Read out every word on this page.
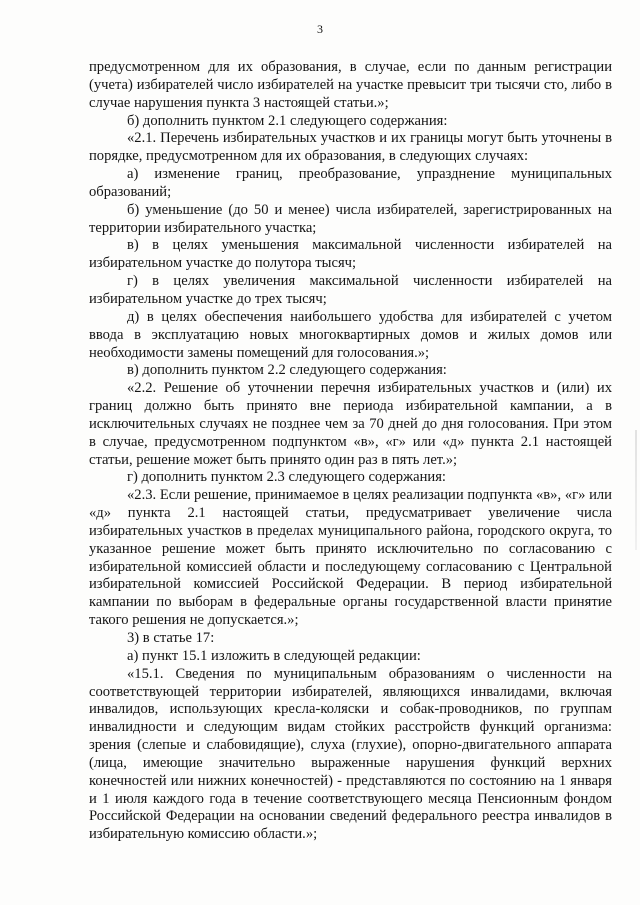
3

предусмотренном для их образования, в случае, если по данным регистрации (учета) избирателей число избирателей на участке превысит три тысячи сто, либо в случае нарушения пункта 3 настоящей статьи.»;

б) дополнить пунктом 2.1 следующего содержания:

«2.1. Перечень избирательных участков и их границы могут быть уточнены в порядке, предусмотренном для их образования, в следующих случаях:

а) изменение границ, преобразование, упразднение муниципальных образований;

б) уменьшение (до 50 и менее) числа избирателей, зарегистрированных на территории избирательного участка;

в) в целях уменьшения максимальной численности избирателей на избирательном участке до полутора тысяч;

г) в целях увеличения максимальной численности избирателей на избирательном участке до трех тысяч;

д) в целях обеспечения наибольшего удобства для избирателей с учетом ввода в эксплуатацию новых многоквартирных домов и жилых домов или необходимости замены помещений для голосования.»;

в) дополнить пунктом 2.2 следующего содержания:

«2.2. Решение об уточнении перечня избирательных участков и (или) их границ должно быть принято вне периода избирательной кампании, а в исключительных случаях не позднее чем за 70 дней до дня голосования. При этом в случае, предусмотренном подпунктом «в», «г» или «д» пункта 2.1 настоящей статьи, решение может быть принято один раз в пять лет.»;

г) дополнить пунктом 2.3 следующего содержания:

«2.3. Если решение, принимаемое в целях реализации подпункта «в», «г» или «д» пункта 2.1 настоящей статьи, предусматривает увеличение числа избирательных участков в пределах муниципального района, городского округа, то указанное решение может быть принято исключительно по согласованию с избирательной комиссией области и последующему согласованию с Центральной избирательной комиссией Российской Федерации. В период избирательной кампании по выборам в федеральные органы государственной власти принятие такого решения не допускается.»;

3) в статье 17:

а) пункт 15.1 изложить в следующей редакции:

«15.1. Сведения по муниципальным образованиям о численности на соответствующей территории избирателей, являющихся инвалидами, включая инвалидов, использующих кресла-коляски и собак-проводников, по группам инвалидности и следующим видам стойких расстройств функций организма: зрения (слепые и слабовидящие), слуха (глухие), опорно-двигательного аппарата (лица, имеющие значительно выраженные нарушения функций верхних конечностей или нижних конечностей) - представляются по состоянию на 1 января и 1 июля каждого года в течение соответствующего месяца Пенсионным фондом Российской Федерации на основании сведений федерального реестра инвалидов в избирательную комиссию области.»;
